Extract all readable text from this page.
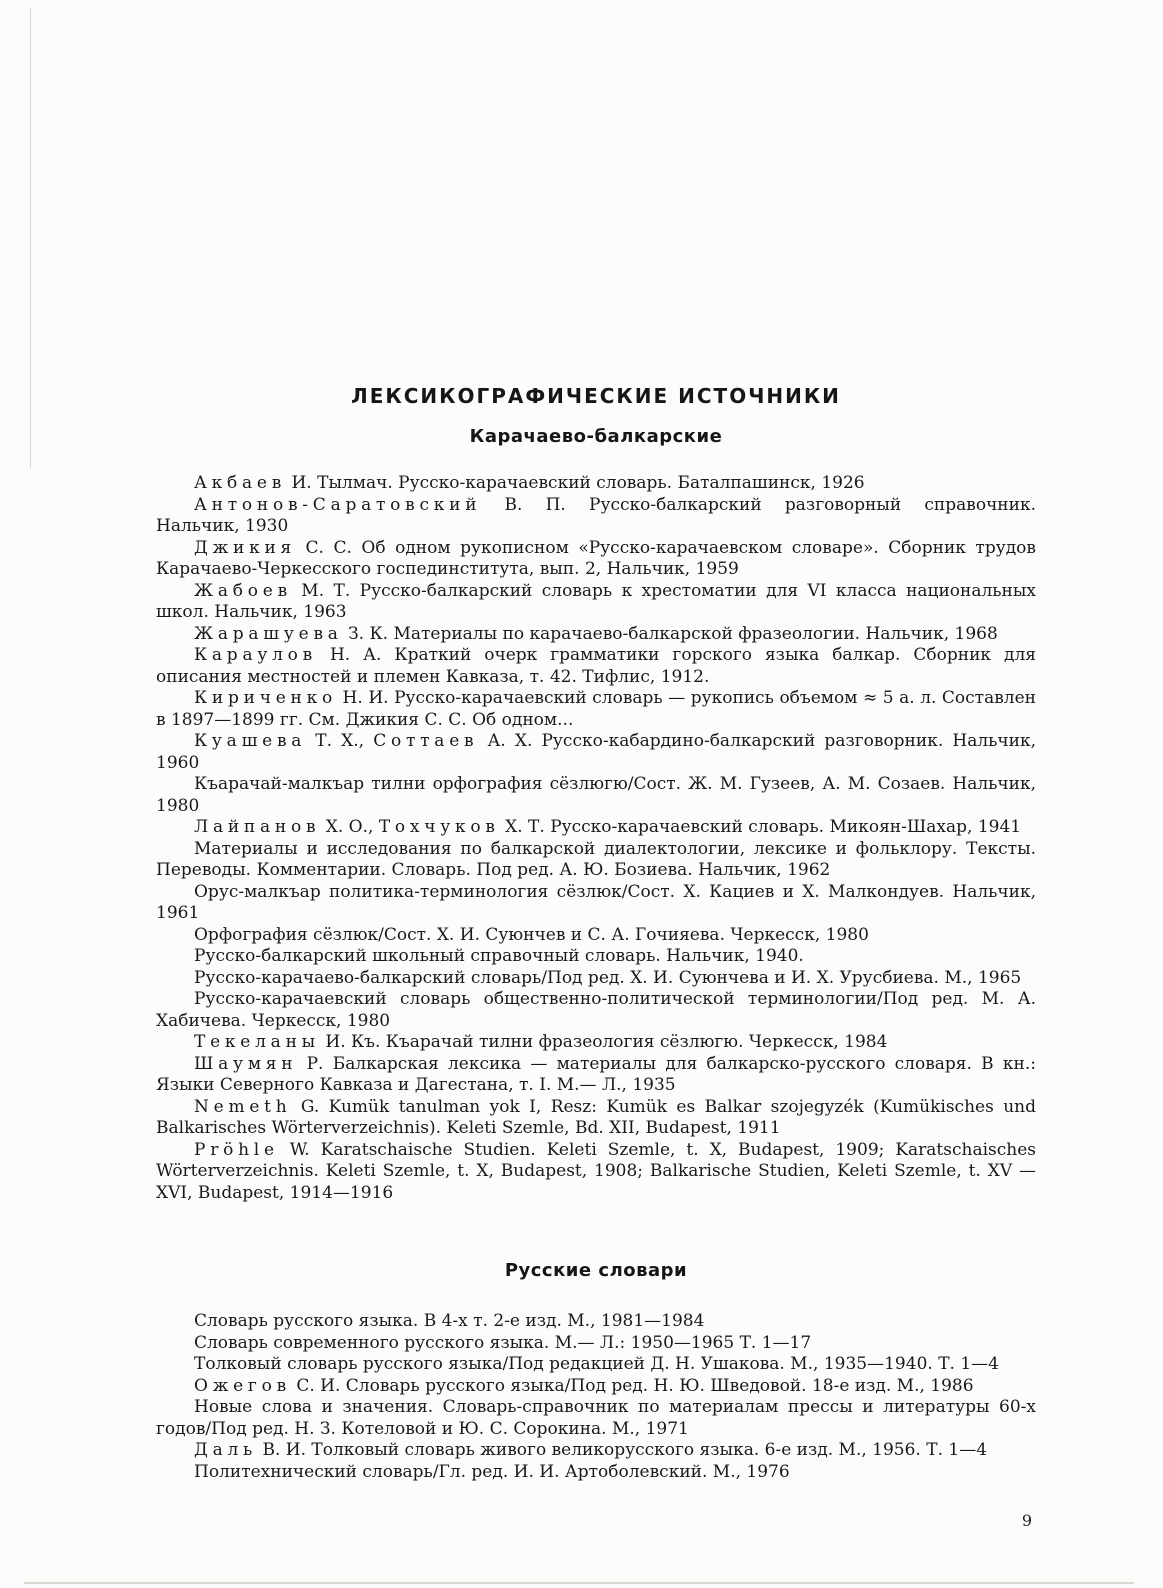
ЛЕКСИКОГРАФИЧЕСКИЕ ИСТОЧНИКИ
Карачаево-балкарские

Акбаев И. Тылмач. Русско-карачаевский словарь. Баталпашинск, 1926

Антонов-Саратовский В. П. Русско-балкарский разговорный справочник. Нальчик, 1930

Джикия С. С. Об одном рукописном «Русско-карачаевском словаре». Сборник трудов Карачаево-Черкесского госпединститута, вып. 2, Нальчик, 1959

Жабоев М. Т. Русско-балкарский словарь к хрестоматии для VI класса национальных школ. Нальчик, 1963

Жарашуева З. К. Материалы по карачаево-балкарской фразеологии. Нальчик, 1968

Караулов Н. А. Краткий очерк грамматики горского языка балкар. Сборник для описания местностей и племен Кавказа, т. 42. Тифлис, 1912.

Кириченко Н. И. Русско-карачаевский словарь — рукопись объемом ≈ 5 а. л. Составлен в 1897—1899 гг. См. Джикия С. С. Об одном...

Куашева Т. Х., Соттаев А. Х. Русско-кабардино-балкарский разговорник. Нальчик, 1960

Къарачай-малкъар тилни орфография сёзлюгю/Сост. Ж. М. Гузеев, А. М. Созаев. Нальчик, 1980

Лайпанов Х. О., Тохчуков Х. Т. Русско-карачаевский словарь. Микоян-Шахар, 1941

Материалы и исследования по балкарской диалектологии, лексике и фольклору. Тексты. Переводы. Комментарии. Словарь. Под ред. А. Ю. Бозиева. Нальчик, 1962

Орус-малкъар политика-терминология сёзлюк/Сост. Х. Кациев и Х. Малкондуев. Нальчик, 1961

Орфография сёзлюк/Сост. Х. И. Суюнчев и С. А. Гочияева. Черкесск, 1980

Русско-балкарский школьный справочный словарь. Нальчик, 1940.

Русско-карачаево-балкарский словарь/Под ред. Х. И. Суюнчева и И. Х. Урусбиева. М., 1965

Русско-карачаевский словарь общественно-политической терминологии/Под ред. М. А. Хабичева. Черкесск, 1980

Текеланы И. Къ. Къарачай тилни фразеология сёзлюгю. Черкесск, 1984

Шаумян Р. Балкарская лексика — материалы для балкарско-русского словаря. В кн.: Языки Северного Кавказа и Дагестана, т. I. М.— Л., 1935

Nemeth G. Kumük tanulman yok I, Resz: Kumük es Balkar szojegyzék (Kumükisches und Balkarisches Wörterverzeichnis). Keleti Szemle, Bd. XII, Budapest, 1911

Pröhle W. Karatschaische Studien. Keleti Szemle, t. X, Budapest, 1909; Karatschaisches Wörterverzeichnis. Keleti Szemle, t. X, Budapest, 1908; Balkarische Studien, Keleti Szemle, t. XV — XVI, Budapest, 1914—1916

Русские словари

Словарь русского языка. В 4-х т. 2-е изд. М., 1981—1984

Словарь современного русского языка. М.— Л.: 1950—1965 Т. 1—17

Толковый словарь русского языка/Под редакцией Д. Н. Ушакова. М., 1935—1940. Т. 1—4

Ожегов С. И. Словарь русского языка/Под ред. Н. Ю. Шведовой. 18-е изд. М., 1986

Новые слова и значения. Словарь-справочник по материалам прессы и литературы 60-х годов/Под ред. Н. З. Котеловой и Ю. С. Сорокина. М., 1971

Даль В. И. Толковый словарь живого великорусского языка. 6-е изд. М., 1956. Т. 1—4

Политехнический словарь/Гл. ред. И. И. Артоболевский. М., 1976

9
